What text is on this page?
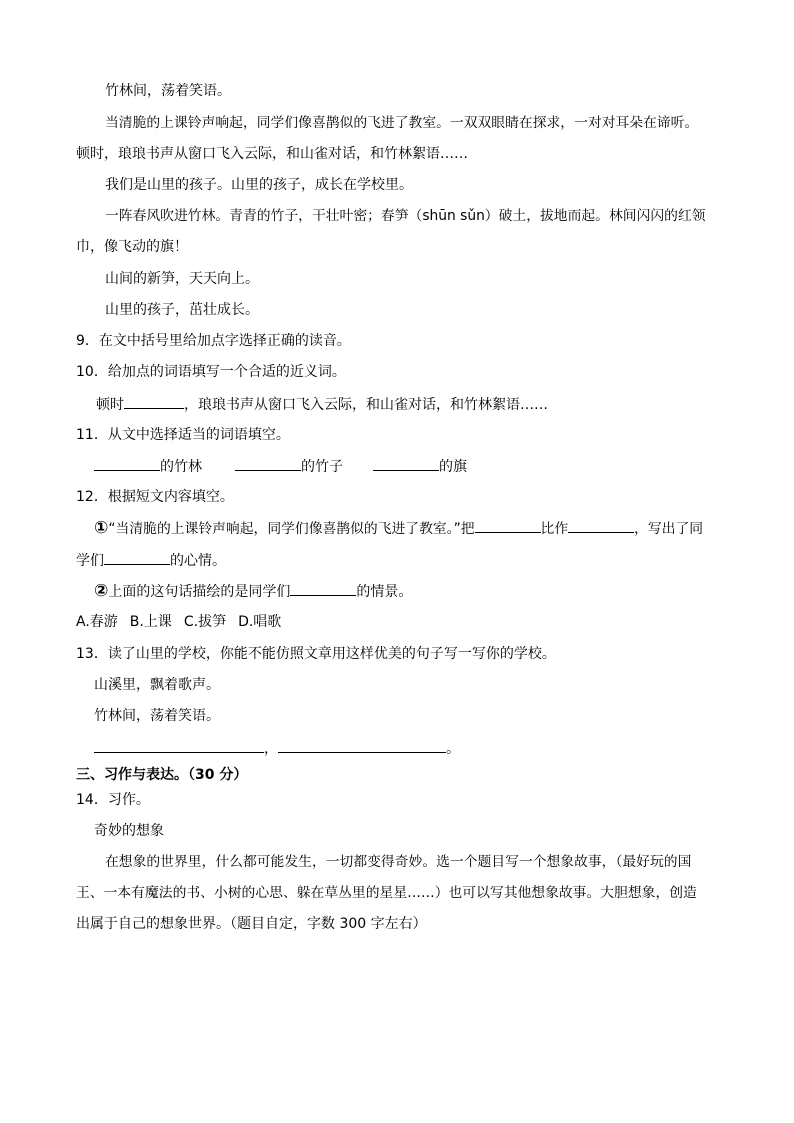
竹林间，荡着笑语。
当清脆的上课铃声响起，同学们像喜鹊似的飞进了教室。一双双眼睛在探求，一对对耳朵在谛听。
顿时，琅琅书声从窗口飞入云际，和山雀对话，和竹林絮语……
我们是山里的孩子。山里的孩子，成长在学校里。
一阵春风吹进竹林。青青的竹子，干壮叶密；春笋（shūn sǔn）破土，拔地而起。林间闪闪的红领
巾，像飞动的旗！
山间的新笋，天天向上。
山里的孩子，茁壮成长。
9．在文中括号里给加点字选择正确的读音。
10．给加点的词语填写一个合适的近义词。
顿时	，琅琅书声从窗口飞入云际，和山雀对话，和竹林絮语……
11．从文中选择适当的词语填空。
的竹林	的竹子	的旗
12．根据短文内容填空。
①“当清脆的上课铃声响起，同学们像喜鹊似的飞进了教室。”把	比作	，写出了同
学们	的心情。
②上面的这句话描绘的是同学们	的情景。
A.春游 B.上课 C.拔笋 D.唱歌
13．读了山里的学校，你能不能仿照文章用这样优美的句子写一写你的学校。
山溪里，飘着歌声。
竹林间，荡着笑语。
，	。
三、习作与表达。（30 分）
14．习作。
奇妙的想象
在想象的世界里，什么都可能发生，一切都变得奇妙。选一个题目写一个想象故事，（最好玩的国
王、一本有魔法的书、小树的心思、躲在草丛里的星星……）也可以写其他想象故事。大胆想象，创造
出属于自己的想象世界。（题目自定，字数 300 字左右）
